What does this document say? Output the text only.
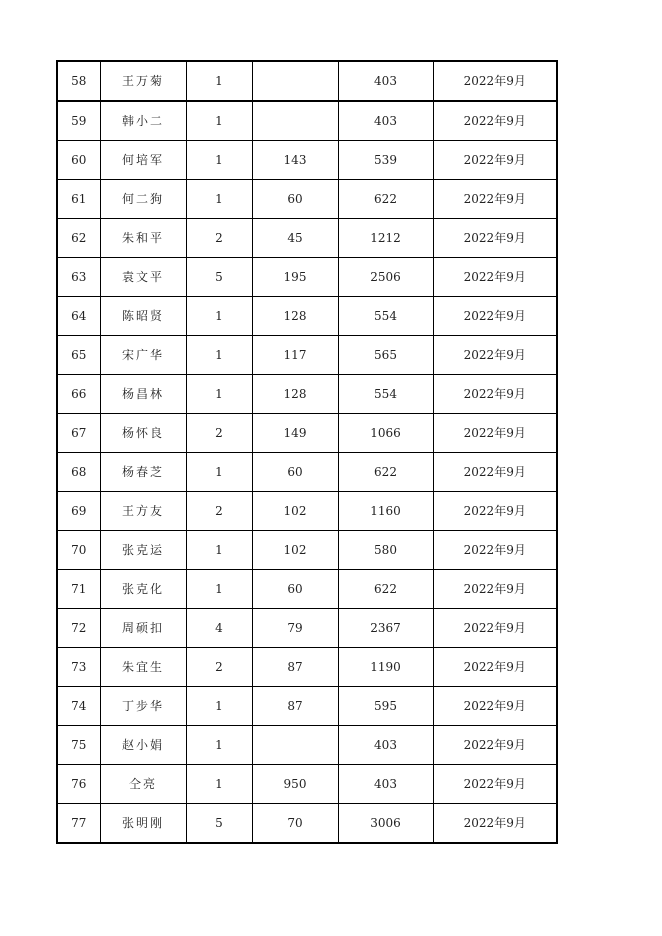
58	王万菊	1		403	2022年9月
59	韩小二	1		403	2022年9月
60	何培军	1	143	539	2022年9月
61	何二狗	1	60	622	2022年9月
62	朱和平	2	45	1212	2022年9月
63	袁文平	5	195	2506	2022年9月
64	陈昭贤	1	128	554	2022年9月
65	宋广华	1	117	565	2022年9月
66	杨昌林	1	128	554	2022年9月
67	杨怀良	2	149	1066	2022年9月
68	杨春芝	1	60	622	2022年9月
69	王方友	2	102	1160	2022年9月
70	张克运	1	102	580	2022年9月
71	张克化	1	60	622	2022年9月
72	周硕扣	4	79	2367	2022年9月
73	朱宜生	2	87	1190	2022年9月
74	丁步华	1	87	595	2022年9月
75	赵小娟	1		403	2022年9月
76	仝亮	1	950	403	2022年9月
77	张明刚	5	70	3006	2022年9月
